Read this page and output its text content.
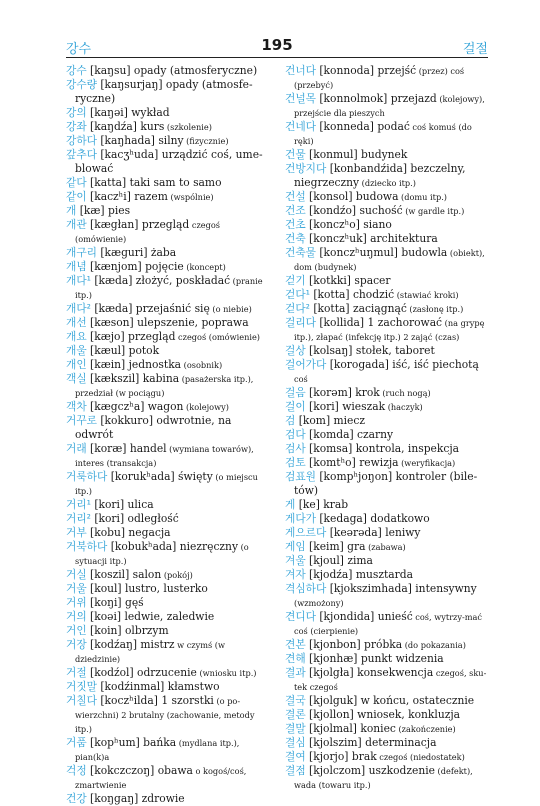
강수	195	걸절
강수 [kaŋsu] opady (atmosferyczne)
강수량 [kaŋsurjaŋ] opady (atmosfe-ryczne)
강의 [kaŋəi] wykład
강좌 [kaŋdźa] kurs (szkolenie)
강하다 [kaŋhada] silny (fizycznie)
갚추다 [kacʒʰuda] urządzić coś, ume-blować
같다 [katta] taki sam to samo
같이 [kaczʰi] razem (wspólnie)
개 [kæ] pies
개관 [kægłan] przegląd czegoś (omówienie)
개구리 [kæguri] żaba
개념 [kænjom] pojęcie (koncept)
개다¹ [kæda] złożyć, poskładać (pranie itp.)
개다² [kæda] przejaśnić się (o niebie)
개선 [kæson] ulepszenie, poprawa
개요 [kæjo] przegląd czegoś (omówienie)
개울 [kæul] potok
개인 [kæin] jednostka (osobnik)
객실 [kækszil] kabina (pasażerska itp.), przedział (w pociągu)
객차 [kægczʰa] wagon (kolejowy)
거꾸로 [kokkuro] odwrotnie, na odwrót
거래 [koræ] handel (wymiana towarów), interes (transakcja)
거룩하다 [korukʰada] święty (o miejscu itp.)
거리¹ [kori] ulica
거리² [kori] odległość
거부 [kobu] negacja
거북하다 [kobukʰada] niezręczny (o sytuacji itp.)
거실 [koszil] salon (pokój)
거울 [koul] lustro, lusterko
거위 [koŋi] gęś
거의 [koəi] ledwie, zaledwie
거인 [koin] olbrzym
거장 [kodźaŋ] mistrz w czymś (w dziedzinie)
거절 [kodźol] odrzucenie (wniosku itp.)
거짓말 [kodźinmal] kłamstwo
거칠다 [koczʰilda] 1 szorstki (o po-wierzchni) 2 brutalny (zachowanie, metody itp.)
거품 [kopʰum] bańka (mydlana itp.), pian(k)a
걱정 [kokczczoŋ] obawa o kogoś/coś, zmartwienie
건강 [koŋgaŋ] zdrowie
건너다 [konnoda] przejść (przez) coś (przebyć)
건널목 [konnolmok] przejazd (kolejowy), przejście dla pieszych
건네다 [konneda] podać coś komuś (do ręki)
건물 [konmul] budynek
건방지다 [konbandźida] bezczelny, niegrzeczny (dziecko itp.)
건설 [konsol] budowa (domu itp.)
건조 [kondźo] suchość (w gardle itp.)
건초 [konczʰo] siano
건축 [konczʰuk] architektura
건축물 [konczʰuŋmul] budowla (obiekt), dom (budynek)
걷기 [kotkki] spacer
걷다¹ [kotta] chodzić (stawiać kroki)
걷다² [kotta] zaciągnąć (zasłonę itp.)
걸리다 [kollida] 1 zachorować (na grypę itp.), złapać (infekcję itp.) 2 zająć (czas)
걸상 [kolsaŋ] stołek, taboret
걸어가다 [korogada] iść, iść piechotą coś
걸음 [korəm] krok (ruch nogą)
걸이 [kori] wieszak (haczyk)
검 [kom] miecz
검다 [komda] czarny
검사 [komsa] kontrola, inspekcja
검토 [komtʰo] rewizja (weryfikacja)
검표원 [kompʰjoŋon] kontroler (bile-tów)
게 [ke] krab
게다가 [kedaga] dodatkowo
게으르다 [keərəda] leniwy
게임 [keim] gra (zabawa)
겨울 [kjoul] zima
겨자 [kjodźa] musztarda
격심하다 [kjokszimhada] intensywny (wzmożony)
견디다 [kjondida] unieść coś, wytrzy-mać coś (cierpienie)
견본 [kjonbon] próbka (do pokazania)
견해 [kjonhæ] punkt widzenia
결과 [kjolgła] konsekwencja czegoś, sku-tek czegoś
결국 [kjolguk] w końcu, ostatecznie
결론 [kjollon] wniosek, konkluzja
결말 [kjolmal] koniec (zakończenie)
결심 [kjolszim] determinacja
결여 [kjorjo] brak czegoś (niedostatek)
결점 [kjolczom] uszkodzenie (defekt), wada (towaru itp.)
